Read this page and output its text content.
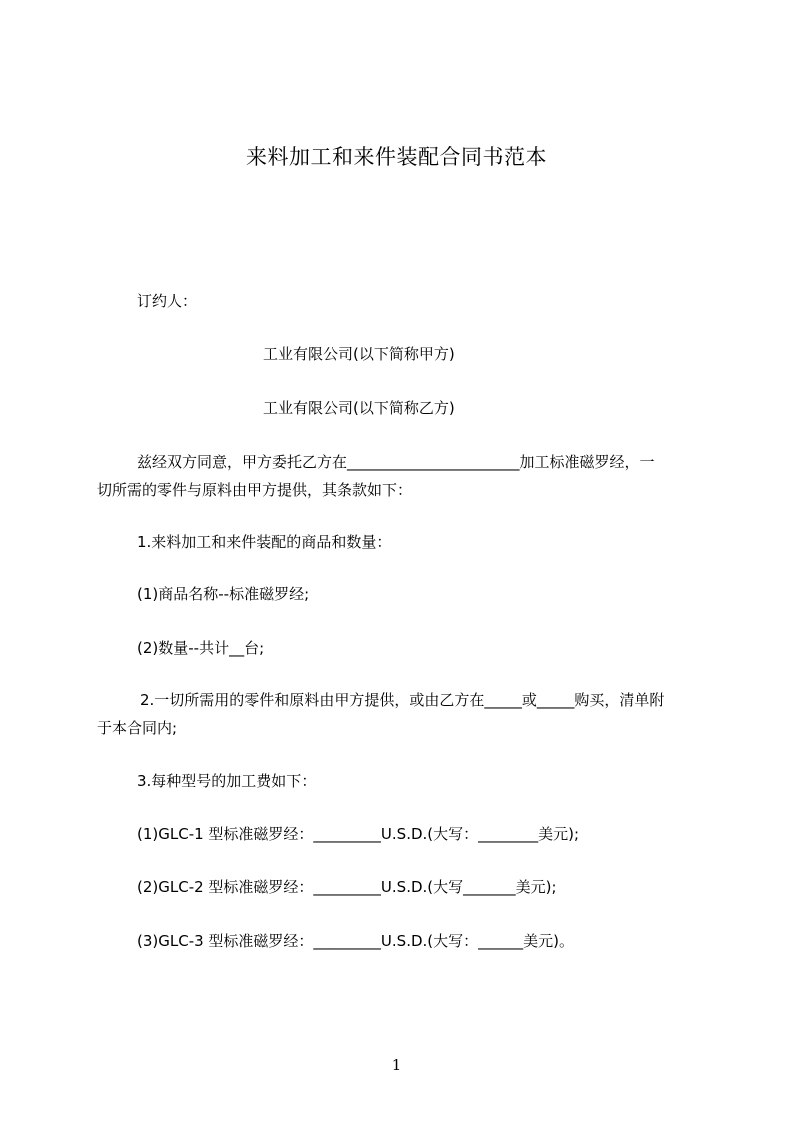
来料加工和来件装配合同书范本
订约人：
工业有限公司(以下简称甲方)
工业有限公司(以下简称乙方)
兹经双方同意，甲方委托乙方在_______________________加工标准磁罗经，一
切所需的零件与原料由甲方提供，其条款如下：
1.来料加工和来件装配的商品和数量：
(1)商品名称--标准磁罗经;
(2)数量--共计__台;
2.一切所需用的零件和原料由甲方提供，或由乙方在_____或_____购买，清单附
于本合同内;
3.每种型号的加工费如下：
(1)GLC-1 型标准磁罗经：_________U.S.D.(大写：________美元);
(2)GLC-2 型标准磁罗经：_________U.S.D.(大写_______美元);
(3)GLC-3 型标准磁罗经：_________U.S.D.(大写：______美元)。
1
